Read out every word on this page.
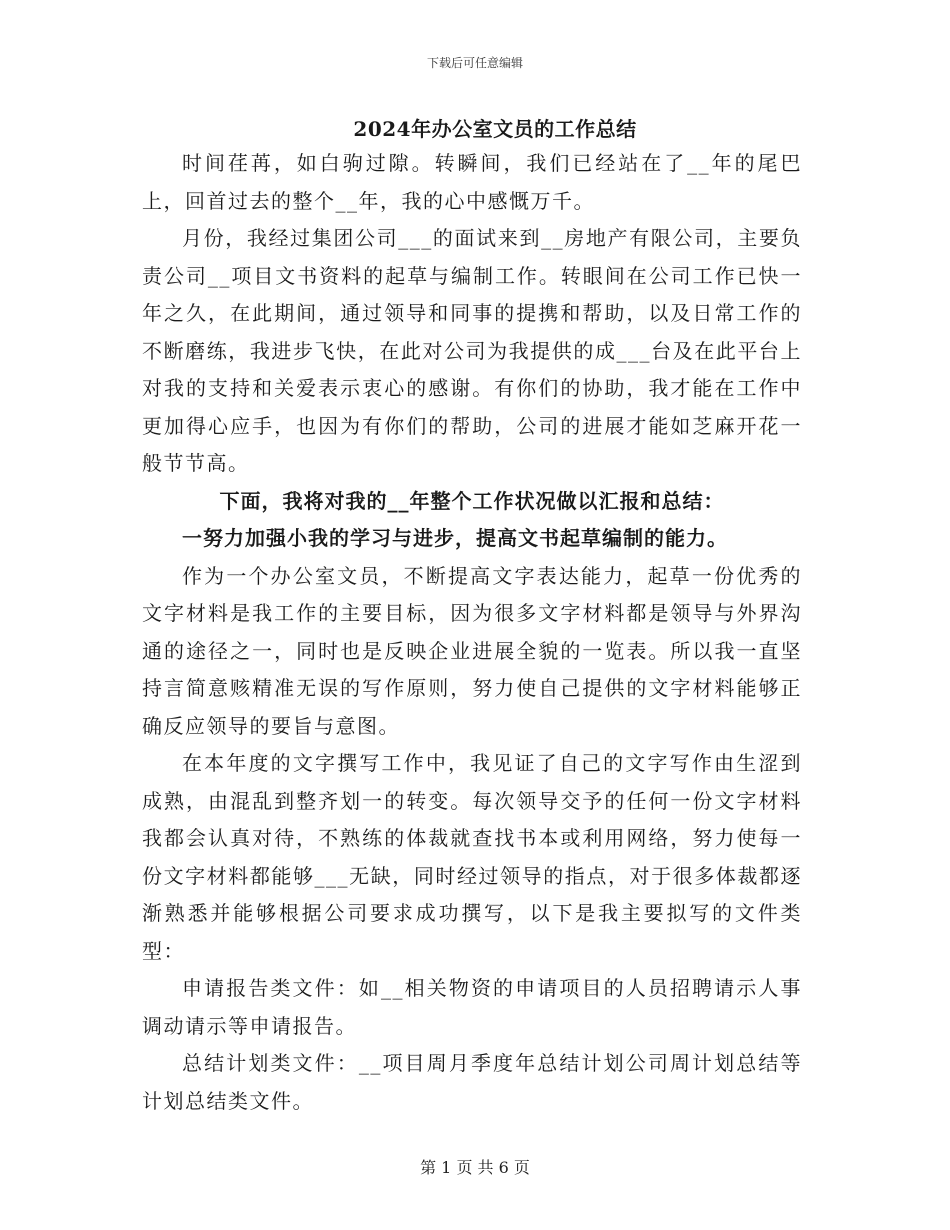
下载后可任意编辑
2024年办公室文员的工作总结

时间荏苒，如白驹过隙。转瞬间，我们已经站在了__年的尾巴上，回首过去的整个__年，我的心中感慨万千。

月份，我经过集团公司___的面试来到__房地产有限公司，主要负责公司__项目文书资料的起草与编制工作。转眼间在公司工作已快一年之久，在此期间，通过领导和同事的提携和帮助，以及日常工作的不断磨练，我进步飞快，在此对公司为我提供的成___台及在此平台上对我的支持和关爱表示衷心的感谢。有你们的协助，我才能在工作中更加得心应手，也因为有你们的帮助，公司的进展才能如芝麻开花一般节节高。

下面，我将对我的__年整个工作状况做以汇报和总结：

一努力加强小我的学习与进步，提高文书起草编制的能力。

作为一个办公室文员，不断提高文字表达能力，起草一份优秀的文字材料是我工作的主要目标，因为很多文字材料都是领导与外界沟通的途径之一，同时也是反映企业进展全貌的一览表。所以我一直坚持言简意赅精准无误的写作原则，努力使自己提供的文字材料能够正确反应领导的要旨与意图。

在本年度的文字撰写工作中，我见证了自己的文字写作由生涩到成熟，由混乱到整齐划一的转变。每次领导交予的任何一份文字材料我都会认真对待，不熟练的体裁就查找书本或利用网络，努力使每一份文字材料都能够___无缺，同时经过领导的指点，对于很多体裁都逐渐熟悉并能够根据公司要求成功撰写，以下是我主要拟写的文件类型：

申请报告类文件：如__相关物资的申请项目的人员招聘请示人事调动请示等申请报告。

总结计划类文件：__项目周月季度年总结计划公司周计划总结等计划总结类文件。

第 1 页 共 6 页
